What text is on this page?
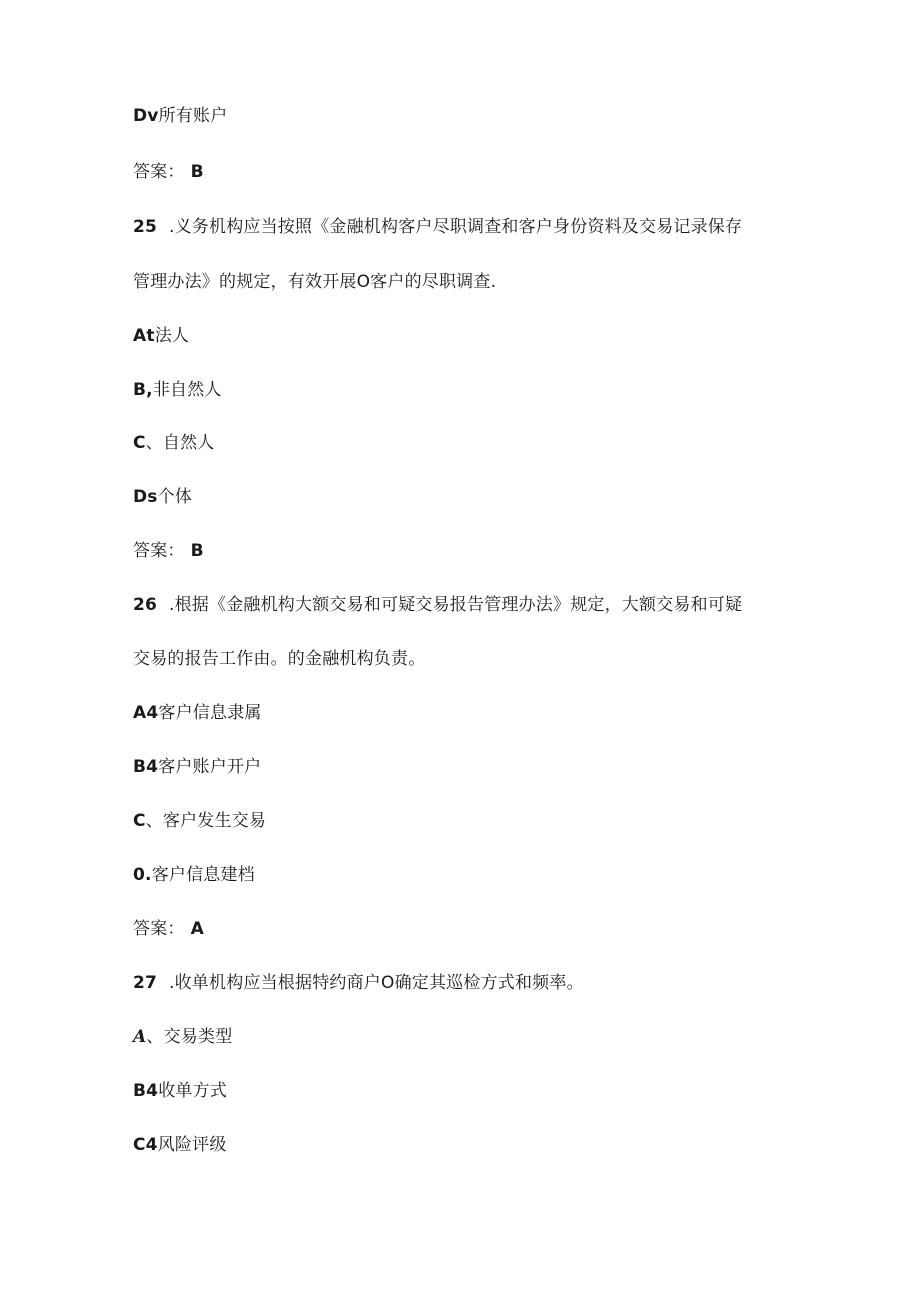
Dv所有账户
答案： B
25 .义务机构应当按照《金融机构客户尽职调查和客户身份资料及交易记录保存
管理办法》的规定，有效开展O客户的尽职调查.
At法人
B,非自然人
C、自然人
Ds个体
答案： B
26 .根据《金融机构大额交易和可疑交易报告管理办法》规定，大额交易和可疑
交易的报告工作由。的金融机构负责。
A4客户信息隶属
B4客户账户开户
C、客户发生交易
0.客户信息建档
答案： A
27 .收单机构应当根据特约商户O确定其巡检方式和频率。
A、交易类型
B4收单方式
C4风险评级
